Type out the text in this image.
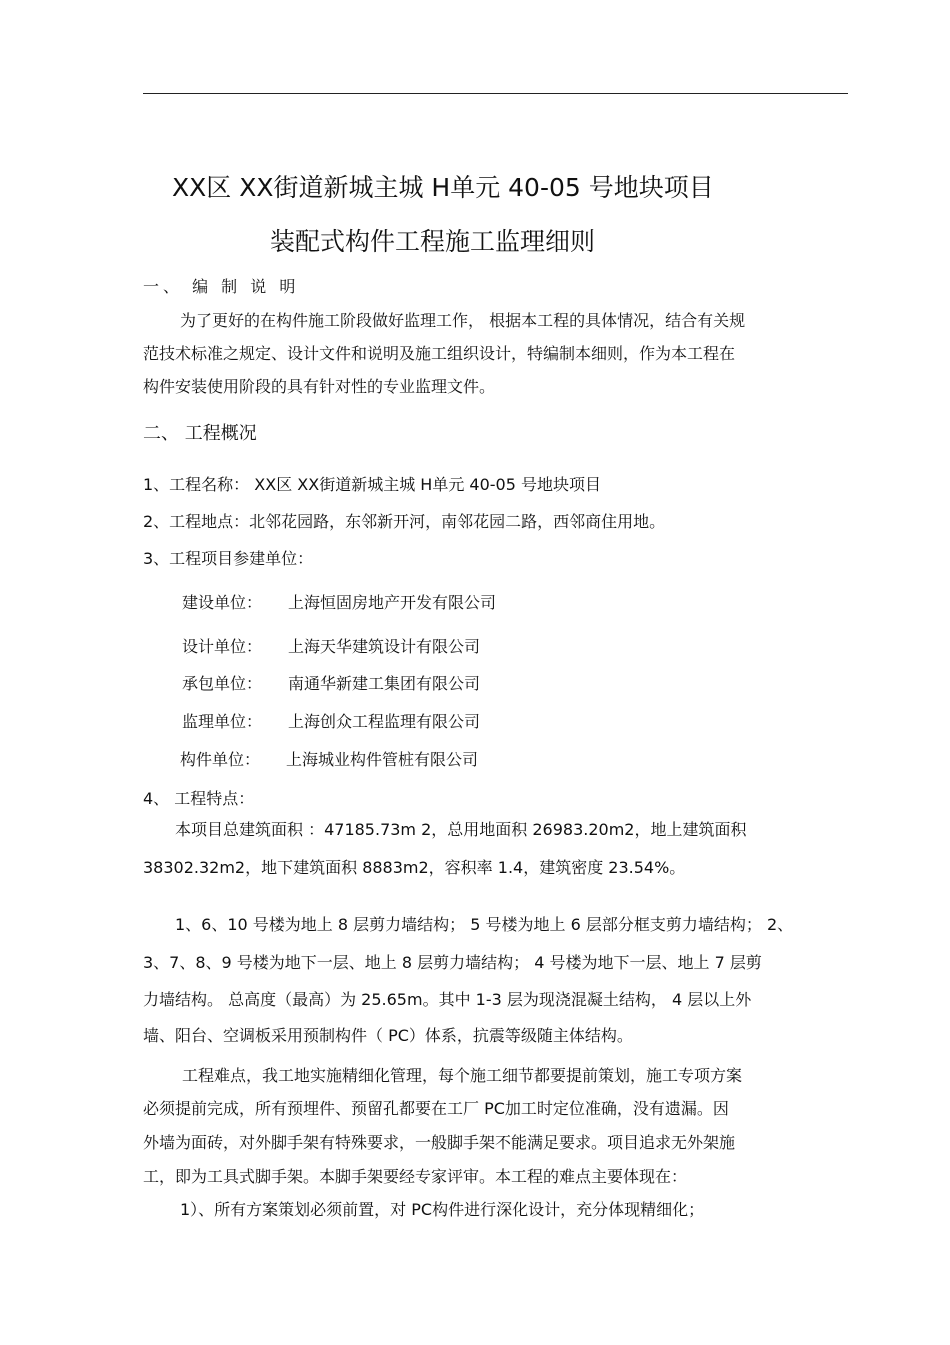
XX区 XX街道新城主城 H单元 40-05 号地块项目
装配式构件工程施工监理细则
一、 编 制 说 明
为了更好的在构件施工阶段做好监理工作， 根据本工程的具体情况，结合有关规
范技术标准之规定、设计文件和说明及施工组织设计，特编制本细则，作为本工程在
构件安装使用阶段的具有针对性的专业监理文件。
二、 工程概况
1、工程名称： XX区 XX街道新城主城 H单元 40-05 号地块项目
2、工程地点：北邻花园路，东邻新开河，南邻花园二路，西邻商住用地。
3、工程项目参建单位：
建设单位： 上海恒固房地产开发有限公司
设计单位： 上海天华建筑设计有限公司
承包单位： 南通华新建工集团有限公司
监理单位： 上海创众工程监理有限公司
构件单位： 上海城业构件管桩有限公司
4、 工程特点：
本项目总建筑面积 ：47185.73m 2，总用地面积 26983.20m2，地上建筑面积
38302.32m2，地下建筑面积 8883m2，容积率 1.4，建筑密度 23.54%。
1、6、10 号楼为地上 8 层剪力墙结构； 5 号楼为地上 6 层部分框支剪力墙结构； 2、
3、7、8、9 号楼为地下一层、地上 8 层剪力墙结构； 4 号楼为地下一层、地上 7 层剪
力墙结构。 总高度（最高）为 25.65m。其中 1-3 层为现浇混凝土结构， 4 层以上外
墙、阳台、空调板采用预制构件（ PC）体系，抗震等级随主体结构。
工程难点，我工地实施精细化管理，每个施工细节都要提前策划，施工专项方案
必须提前完成，所有预埋件、预留孔都要在工厂 PC加工时定位准确，没有遗漏。因
外墙为面砖，对外脚手架有特殊要求，一般脚手架不能满足要求。项目追求无外架施
工，即为工具式脚手架。本脚手架要经专家评审。本工程的难点主要体现在：
1）、所有方案策划必须前置，对 PC构件进行深化设计，充分体现精细化；
